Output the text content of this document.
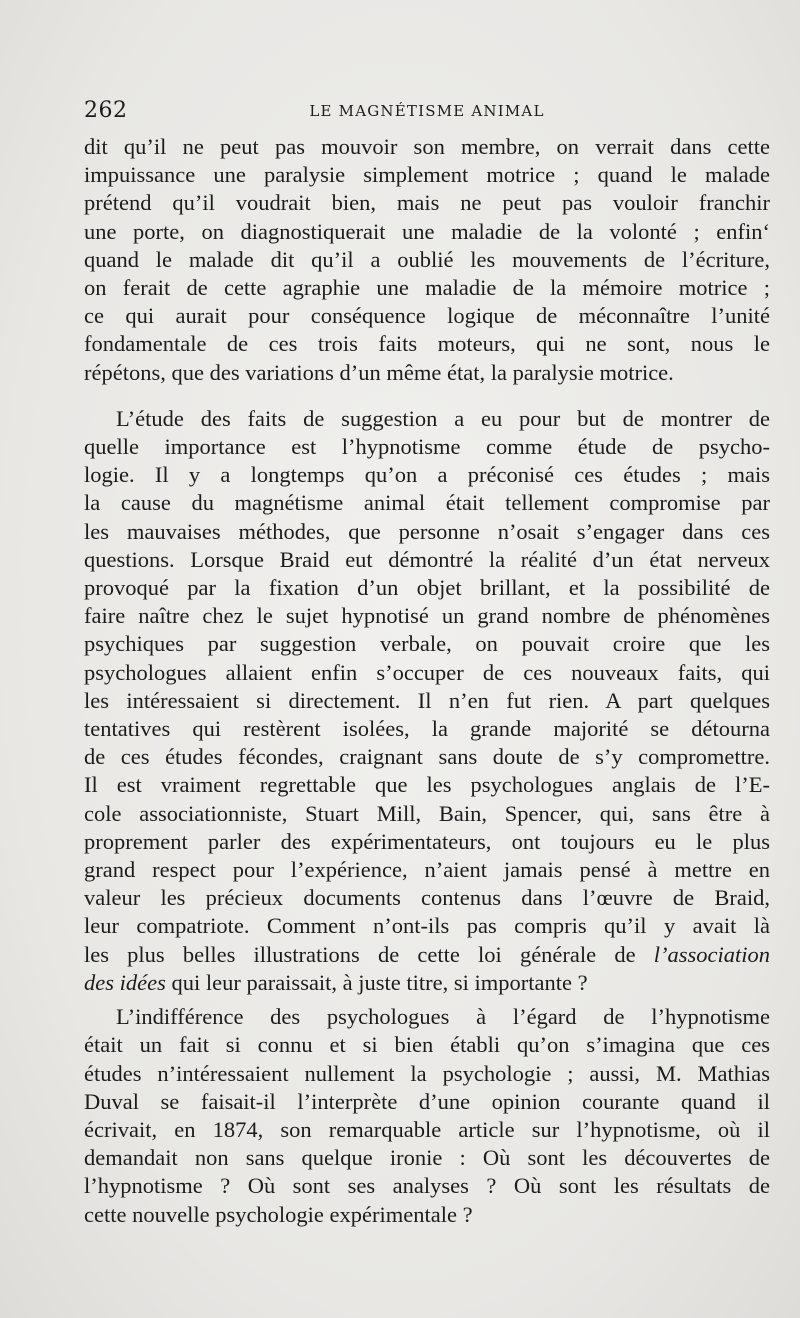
262	LE MAGNÉTISME ANIMAL

dit qu’il ne peut pas mouvoir son membre, on verrait dans cette

impuissance une paralysie simplement motrice ; quand le malade

prétend qu’il voudrait bien, mais ne peut pas vouloir franchir

une porte, on diagnostiquerait une maladie de la volonté ; enfin‘

quand le malade dit qu’il a oublié les mouvements de l’écriture,

on ferait de cette agraphie une maladie de la mémoire motrice ;

ce qui aurait pour conséquence logique de méconnaître l’unité

fondamentale de ces trois faits moteurs, qui ne sont, nous le

répétons, que des variations d’un même état, la paralysie motrice.

L’étude des faits de suggestion a eu pour but de montrer de

quelle importance est l’hypnotisme comme étude de psycho-

logie. Il y a longtemps qu’on a préconisé ces études ; mais

la cause du magnétisme animal était tellement compromise par

les mauvaises méthodes, que personne n’osait s’engager dans ces

questions. Lorsque Braid eut démontré la réalité d’un état nerveux

provoqué par la fixation d’un objet brillant, et la possibilité de

faire naître chez le sujet hypnotisé un grand nombre de phénomènes

psychiques par suggestion verbale, on pouvait croire que les

psychologues allaient enfin s’occuper de ces nouveaux faits, qui

les intéressaient si directement. Il n’en fut rien. A part quelques

tentatives qui restèrent isolées, la grande majorité se détourna

de ces études fécondes, craignant sans doute de s’y compromettre.

Il est vraiment regrettable que les psychologues anglais de l’E-

cole associationniste, Stuart Mill, Bain, Spencer, qui, sans être à

proprement parler des expérimentateurs, ont toujours eu le plus

grand respect pour l’expérience, n’aient jamais pensé à mettre en

valeur les précieux documents contenus dans l’œuvre de Braid,

leur compatriote. Comment n’ont-ils pas compris qu’il y avait là

les plus belles illustrations de cette loi générale de l’association

des idées qui leur paraissait, à juste titre, si importante ?

L’indifférence des psychologues à l’égard de l’hypnotisme

était un fait si connu et si bien établi qu’on s’imagina que ces

études n’intéressaient nullement la psychologie ; aussi, M. Mathias

Duval se faisait-il l’interprète d’une opinion courante quand il

écrivait, en 1874, son remarquable article sur l’hypnotisme, où il

demandait non sans quelque ironie : Où sont les découvertes de

l’hypnotisme ? Où sont ses analyses ? Où sont les résultats de

cette nouvelle psychologie expérimentale ?
